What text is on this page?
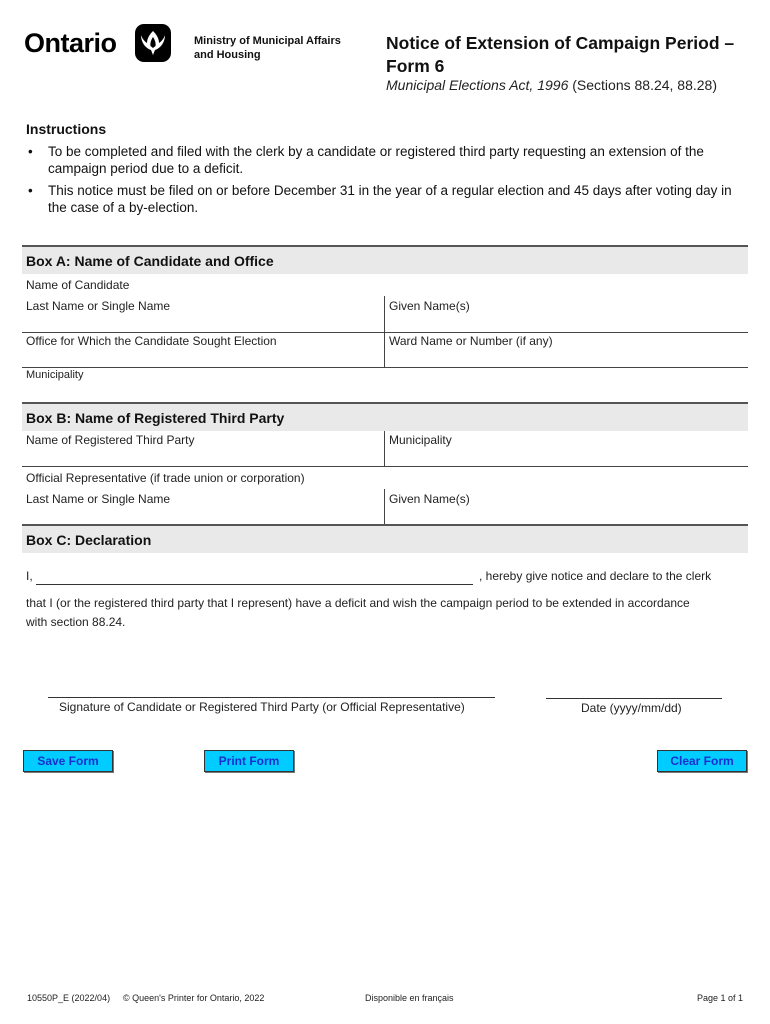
Ontario	Ministry of Municipal Affairs
and Housing
Notice of Extension of Campaign Period –
Form 6
Municipal Elections Act, 1996 (Sections 88.24, 88.28)
Instructions
• To be completed and filed with the clerk by a candidate or registered third party requesting an extension of the campaign period due to a deficit.
• This notice must be filed on or before December 31 in the year of a regular election and 45 days after voting day in the case of a by-election.
Box A: Name of Candidate and Office
Name of Candidate
Last Name or Single Name	Given Name(s)
Office for Which the Candidate Sought Election	Ward Name or Number (if any)
Municipality
Box B: Name of Registered Third Party
Name of Registered Third Party	Municipality
Official Representative (if trade union or corporation)
Last Name or Single Name	Given Name(s)
Box C: Declaration
I,	, hereby give notice and declare to the clerk
that I (or the registered third party that I represent) have a deficit and wish the campaign period to be extended in accordance
with section 88.24.
Signature of Candidate or Registered Third Party (or Official Representative)	Date (yyyy/mm/dd)
Save Form	Print Form	Clear Form
10550P_E (2022/04) © Queen's Printer for Ontario, 2022	Disponible en français	Page 1 of 1
